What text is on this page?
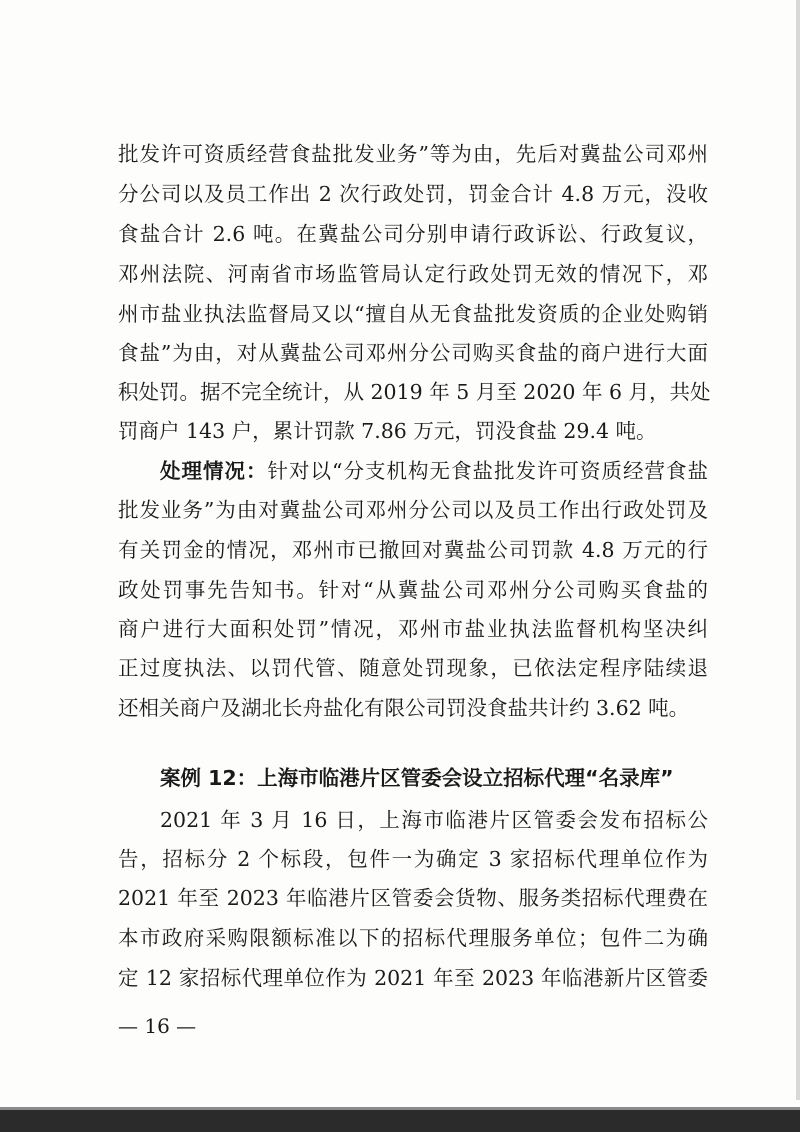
批发许可资质经营食盐批发业务”等为由，先后对冀盐公司邓州
分公司以及员工作出 2 次行政处罚，罚金合计 4.8 万元，没收
食盐合计 2.6 吨。在冀盐公司分别申请行政诉讼、行政复议，
邓州法院、河南省市场监管局认定行政处罚无效的情况下，邓
州市盐业执法监督局又以“擅自从无食盐批发资质的企业处购销
食盐”为由，对从冀盐公司邓州分公司购买食盐的商户进行大面
积处罚。据不完全统计，从 2019 年 5 月至 2020 年 6 月，共处
罚商户 143 户，累计罚款 7.86 万元，罚没食盐 29.4 吨。
处理情况：针对以“分支机构无食盐批发许可资质经营食盐
批发业务”为由对冀盐公司邓州分公司以及员工作出行政处罚及
有关罚金的情况，邓州市已撤回对冀盐公司罚款 4.8 万元的行
政处罚事先告知书。针对“从冀盐公司邓州分公司购买食盐的
商户进行大面积处罚”情况，邓州市盐业执法监督机构坚决纠
正过度执法、以罚代管、随意处罚现象，已依法定程序陆续退
还相关商户及湖北长舟盐化有限公司罚没食盐共计约 3.62 吨。
案例 12：上海市临港片区管委会设立招标代理“名录库”
2021 年 3 月 16 日，上海市临港片区管委会发布招标公
告，招标分 2 个标段，包件一为确定 3 家招标代理单位作为
2021 年至 2023 年临港片区管委会货物、服务类招标代理费在
本市政府采购限额标准以下的招标代理服务单位；包件二为确
定 12 家招标代理单位作为 2021 年至 2023 年临港新片区管委
— 16 —
